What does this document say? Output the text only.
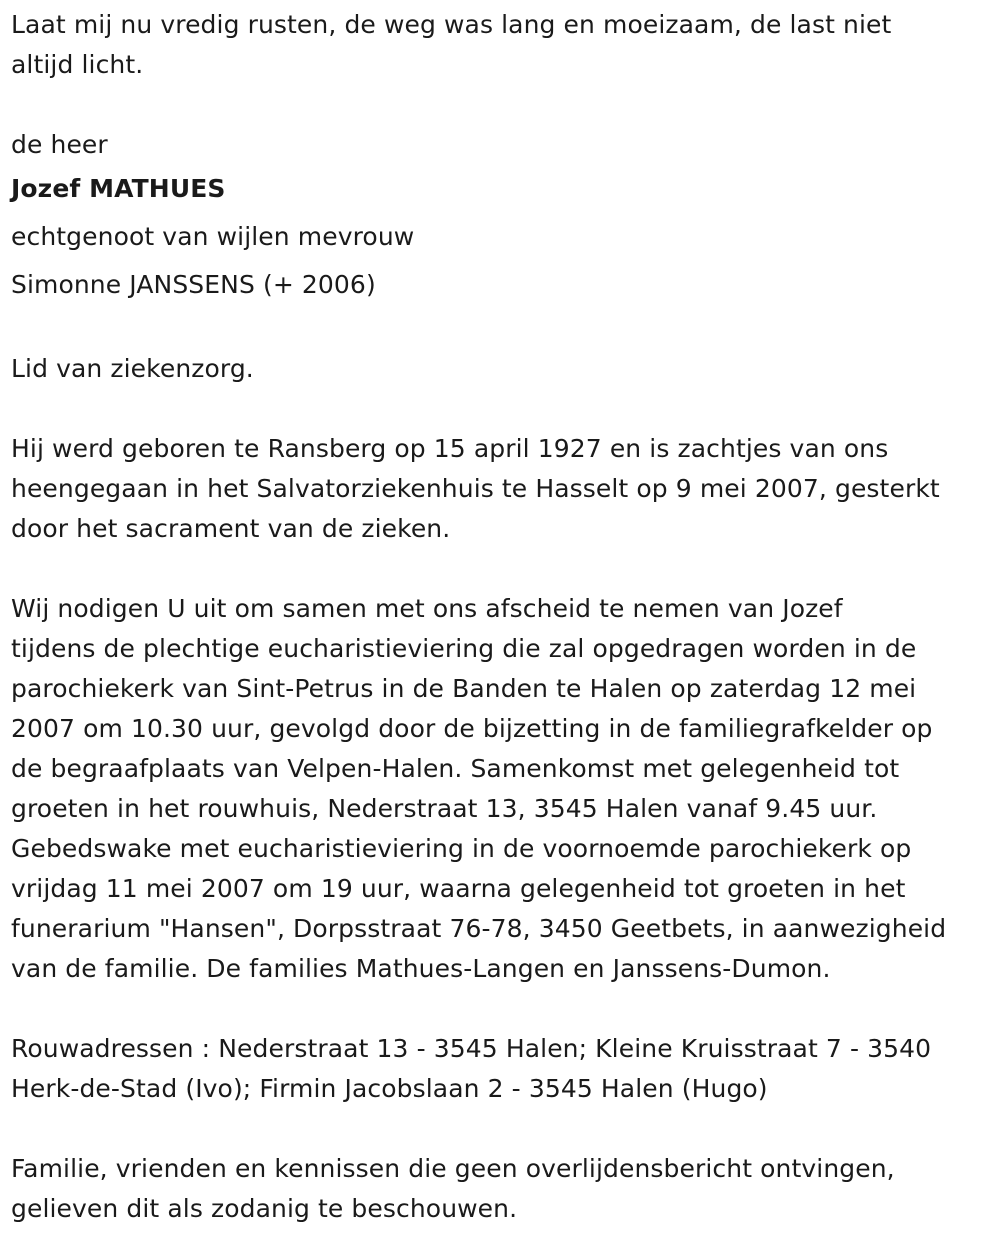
Laat mij nu vredig rusten, de weg was lang en moeizaam, de last niet

altijd licht.

de heer

Jozef MATHUES

echtgenoot van wijlen mevrouw

Simonne JANSSENS (+ 2006)

Lid van ziekenzorg.

Hij werd geboren te Ransberg op 15 april 1927 en is zachtjes van ons

heengegaan in het Salvatorziekenhuis te Hasselt op 9 mei 2007, gesterkt

door het sacrament van de zieken.

Wij nodigen U uit om samen met ons afscheid te nemen van Jozef

tijdens de plechtige eucharistieviering die zal opgedragen worden in de

parochiekerk van Sint-Petrus in de Banden te Halen op zaterdag 12 mei

2007 om 10.30 uur, gevolgd door de bijzetting in de familiegrafkelder op

de begraafplaats van Velpen-Halen. Samenkomst met gelegenheid tot

groeten in het rouwhuis, Nederstraat 13, 3545 Halen vanaf 9.45 uur.

Gebedswake met eucharistieviering in de voornoemde parochiekerk op

vrijdag 11 mei 2007 om 19 uur, waarna gelegenheid tot groeten in het

funerarium "Hansen", Dorpsstraat 76-78, 3450 Geetbets, in aanwezigheid

van de familie. De families Mathues-Langen en Janssens-Dumon.

Rouwadressen : Nederstraat 13 - 3545 Halen; Kleine Kruisstraat 7 - 3540

Herk-de-Stad (Ivo); Firmin Jacobslaan 2 - 3545 Halen (Hugo)

Familie, vrienden en kennissen die geen overlijdensbericht ontvingen,

gelieven dit als zodanig te beschouwen.
